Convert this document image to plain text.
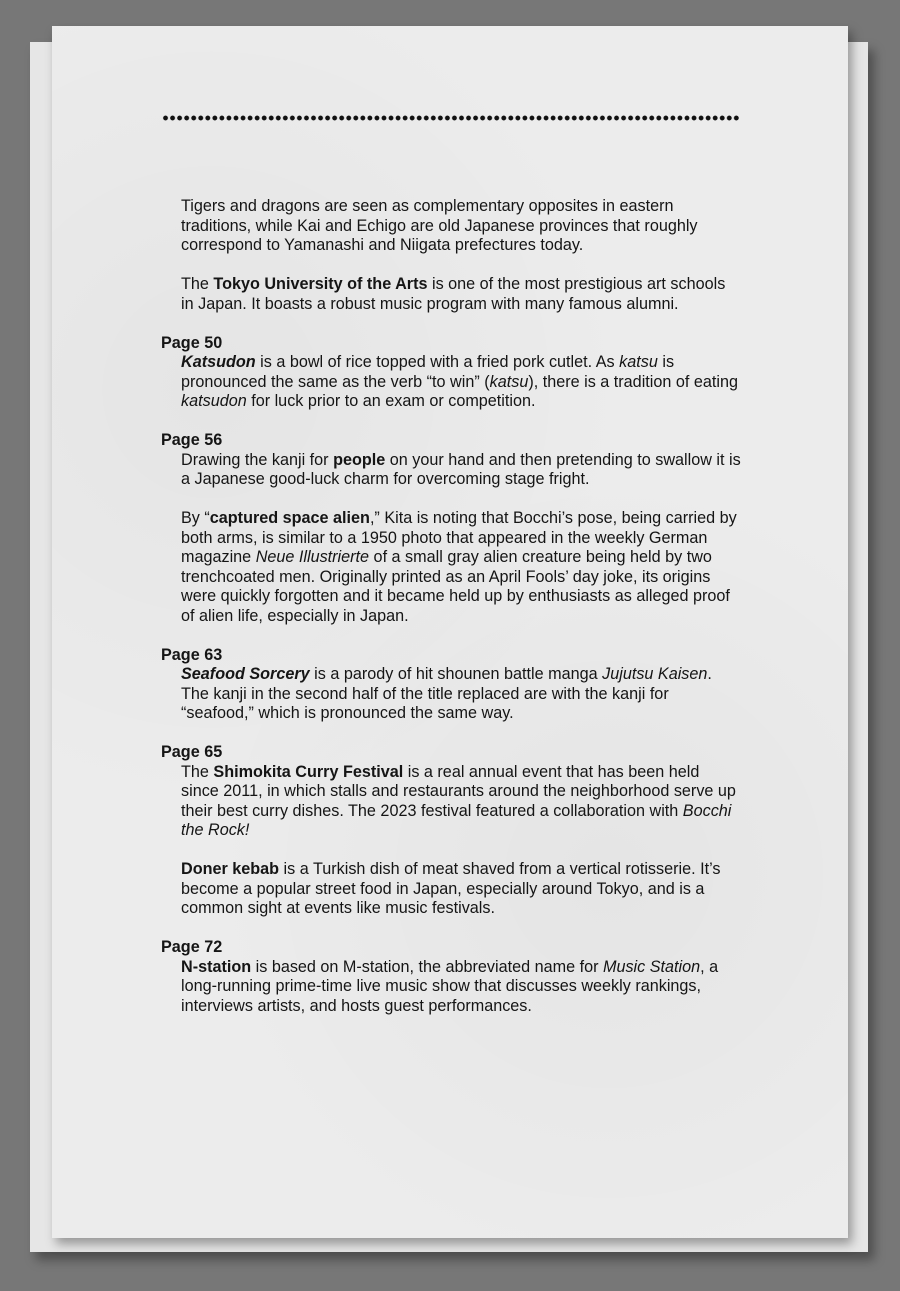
Tigers and dragons are seen as complementary opposites in eastern traditions, while Kai and Echigo are old Japanese provinces that roughly correspond to Yamanashi and Niigata prefectures today.

The Tokyo University of the Arts is one of the most prestigious art schools in Japan. It boasts a robust music program with many famous alumni.

Page 50

Katsudon is a bowl of rice topped with a fried pork cutlet. As katsu is pronounced the same as the verb “to win” (katsu), there is a tradition of eating katsudon for luck prior to an exam or competition.

Page 56

Drawing the kanji for people on your hand and then pretending to swallow it is a Japanese good-luck charm for overcoming stage fright.

By “captured space alien,” Kita is noting that Bocchi’s pose, being carried by both arms, is similar to a 1950 photo that appeared in the weekly German magazine Neue Illustrierte of a small gray alien creature being held by two trenchcoated men. Originally printed as an April Fools’ day joke, its origins were quickly forgotten and it became held up by enthusiasts as alleged proof of alien life, especially in Japan.

Page 63

Seafood Sorcery is a parody of hit shounen battle manga Jujutsu Kaisen. The kanji in the second half of the title replaced are with the kanji for “seafood,” which is pronounced the same way.

Page 65

The Shimokita Curry Festival is a real annual event that has been held since 2011, in which stalls and restaurants around the neighborhood serve up their best curry dishes. The 2023 festival featured a collaboration with Bocchi the Rock!

Doner kebab is a Turkish dish of meat shaved from a vertical rotisserie. It’s become a popular street food in Japan, especially around Tokyo, and is a common sight at events like music festivals.

Page 72

N-station is based on M-station, the abbreviated name for Music Station, a long-running prime-time live music show that discusses weekly rankings, interviews artists, and hosts guest performances.
